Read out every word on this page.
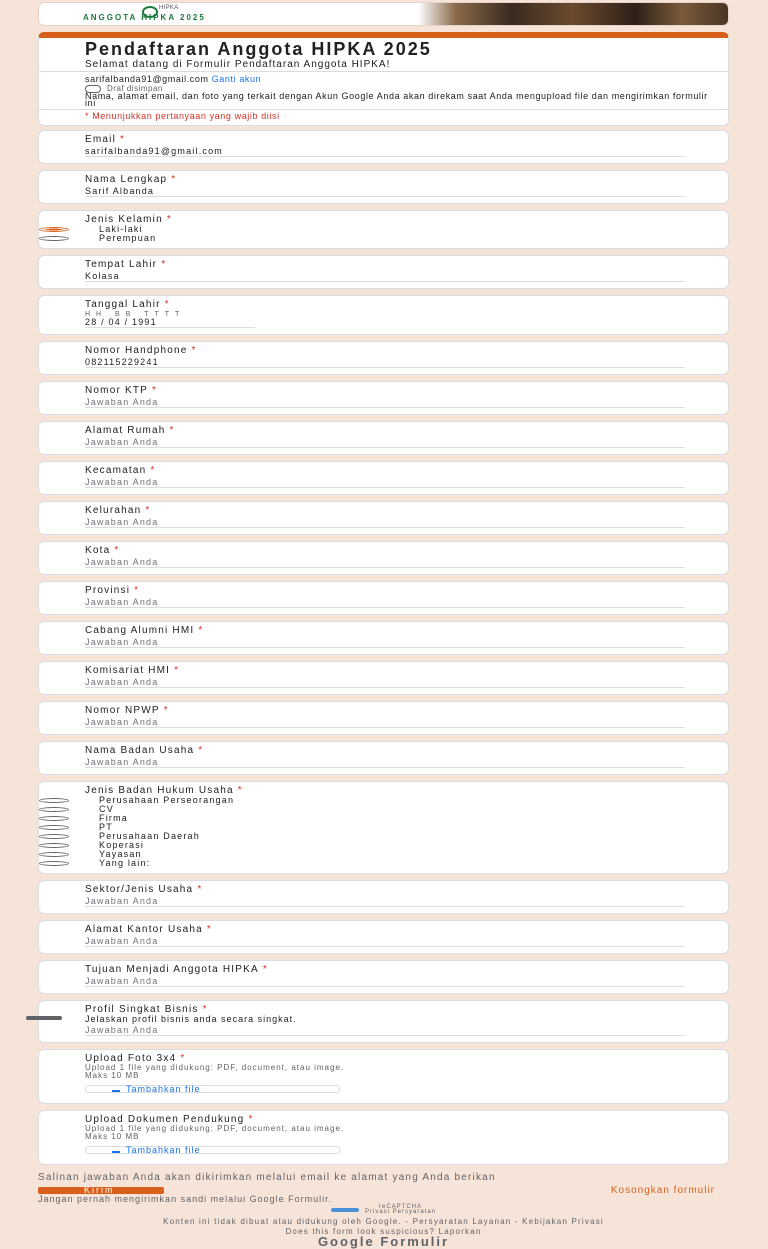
HIPKA
ANGGOTA HIPKA 2025
Pendaftaran Anggota HIPKA 2025
Selamat datang di Formulir Pendaftaran Anggota HIPKA!
sarifalbanda91@gmail.com Ganti akun
Draf disimpan
Nama, alamat email, dan foto yang terkait dengan Akun Google Anda akan direkam saat Anda mengupload file dan mengirimkan formulir ini
* Menunjukkan pertanyaan yang wajib diisi
Email *
sarifalbanda91@gmail.com
Nama Lengkap *
Sarif Albanda
Jenis Kelamin *
Laki-laki
Perempuan
Tempat Lahir *
Kolasa
Tanggal Lahir *
HH BB TTTT
28 / 04 / 1991
Nomor Handphone *
082115229241
Nomor KTP *
Jawaban Anda
Alamat Rumah *
Jawaban Anda
Kecamatan *
Jawaban Anda
Kelurahan *
Jawaban Anda
Kota *
Jawaban Anda
Provinsi *
Jawaban Anda
Cabang Alumni HMI *
Jawaban Anda
Komisariat HMI *
Jawaban Anda
Nomor NPWP *
Jawaban Anda
Nama Badan Usaha *
Jawaban Anda
Jenis Badan Hukum Usaha *
Perusahaan Perseorangan
CV
Firma
PT
Perusahaan Daerah
Koperasi
Yayasan
Yang lain:
Sektor/Jenis Usaha *
Jawaban Anda
Alamat Kantor Usaha *
Jawaban Anda
Tujuan Menjadi Anggota HIPKA *
Jawaban Anda
Profil Singkat Bisnis *
Jelaskan profil bisnis anda secara singkat.
Jawaban Anda
Upload Foto 3x4 *
Upload 1 file yang didukung: PDF, document, atau image.
Maks 10 MB
Tambahkan file
Upload Dokumen Pendukung *
Upload 1 file yang didukung: PDF, document, atau image.
Maks 10 MB
Tambahkan file
Salinan jawaban Anda akan dikirimkan melalui email ke alamat yang Anda berikan
Kirim	Kosongkan formulir
Jangan pernah mengirimkan sandi melalui Google Formulir.
reCAPTCHA
Privasi Persyaratan
Konten ini tidak dibuat atau didukung oleh Google. - Persyaratan Layanan - Kebijakan Privasi
Does this form look suspicious? Laporkan
Google Formulir
